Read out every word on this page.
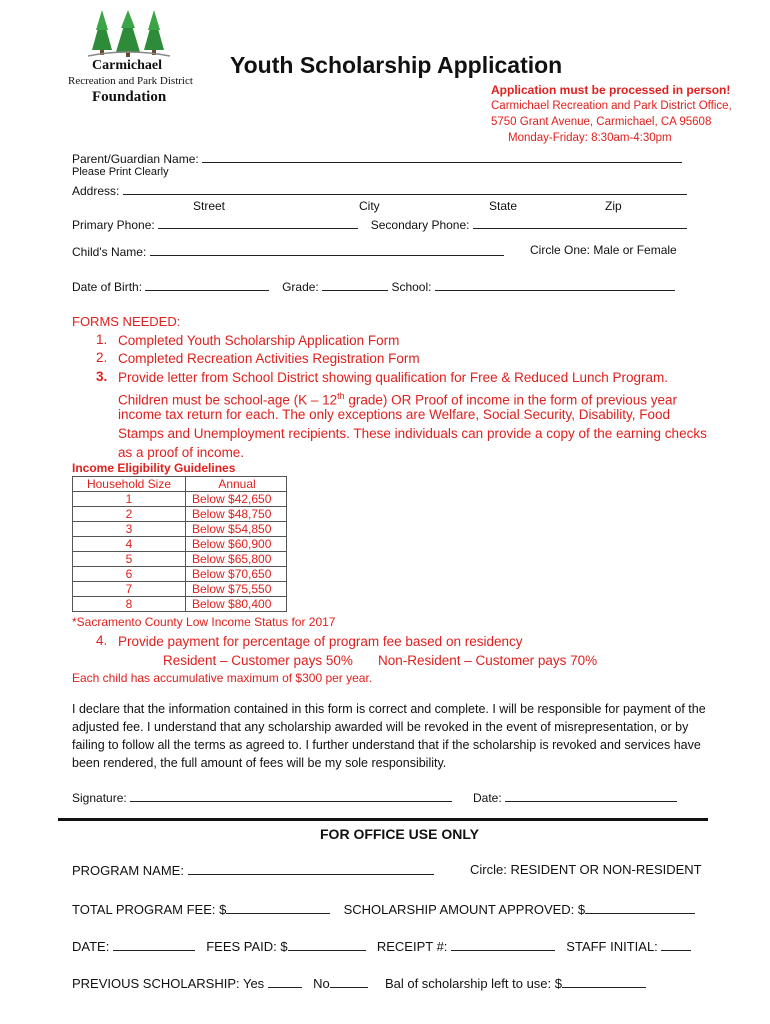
Carmichael
Recreation and Park District
Foundation
Youth Scholarship Application
Application must be processed in person!
Carmichael Recreation and Park District Office,
5750 Grant Avenue, Carmichael, CA 95608
Monday-Friday: 8:30am-4:30pm
Parent/Guardian Name:
Please Print Clearly
Address:
Street	City	State	Zip
Primary Phone:	Secondary Phone:
Child's Name:	Circle One: Male or Female
Date of Birth:	Grade:	School:
FORMS NEEDED:
1. Completed Youth Scholarship Application Form
2. Completed Recreation Activities Registration Form
3. Provide letter from School District showing qualification for Free & Reduced Lunch Program.
Children must be school-age (K – 12th grade) OR Proof of income in the form of previous year
income tax return for each. The only exceptions are Welfare, Social Security, Disability, Food
Stamps and Unemployment recipients. These individuals can provide a copy of the earning checks
as a proof of income.
Income Eligibility Guidelines
Household Size	Annual
1	Below $42,650
2	Below $48,750
3	Below $54,850
4	Below $60,900
5	Below $65,800
6	Below $70,650
7	Below $75,550
8	Below $80,400
*Sacramento County Low Income Status for 2017
4. Provide payment for percentage of program fee based on residency
Resident – Customer pays 50% Non-Resident – Customer pays 70%
Each child has accumulative maximum of $300 per year.
I declare that the information contained in this form is correct and complete. I will be responsible for payment of the
adjusted fee. I understand that any scholarship awarded will be revoked in the event of misrepresentation, or by
failing to follow all the terms as agreed to. I further understand that if the scholarship is revoked and services have
been rendered, the full amount of fees will be my sole responsibility.
Signature:	Date:
FOR OFFICE USE ONLY
PROGRAM NAME:	Circle: RESIDENT OR NON-RESIDENT
TOTAL PROGRAM FEE: $	SCHOLARSHIP AMOUNT APPROVED: $
DATE:	FEES PAID: $	RECEIPT #:	STAFF INITIAL:
PREVIOUS SCHOLARSHIP: Yes	No	Bal of scholarship left to use: $
